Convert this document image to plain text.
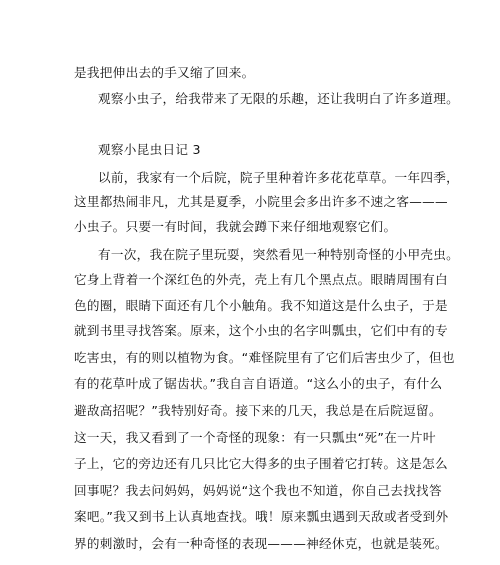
是我把伸出去的手又缩了回来。
观察小虫子，给我带来了无限的乐趣，还让我明白了许多道理。
观察小昆虫日记 3
以前，我家有一个后院，院子里种着许多花花草草。一年四季，
这里都热闹非凡，尤其是夏季，小院里会多出许多不速之客———
小虫子。只要一有时间，我就会蹲下来仔细地观察它们。
有一次，我在院子里玩耍，突然看见一种特别奇怪的小甲壳虫。
它身上背着一个深红色的外壳，壳上有几个黑点点。眼睛周围有白
色的圈，眼睛下面还有几个小触角。我不知道这是什么虫子，于是
就到书里寻找答案。原来，这个小虫的名字叫瓢虫，它们中有的专
吃害虫，有的则以植物为食。“难怪院里有了它们后害虫少了，但也
有的花草叶成了锯齿状。”我自言自语道。“这么小的虫子，有什么
避敌高招呢？”我特别好奇。接下来的几天，我总是在后院逗留。
这一天，我又看到了一个奇怪的现象：有一只瓢虫“死”在一片叶
子上，它的旁边还有几只比它大得多的虫子围着它打转。这是怎么
回事呢？我去问妈妈，妈妈说“这个我也不知道，你自己去找找答
案吧。”我又到书上认真地查找。哦！原来瓢虫遇到天敌或者受到外
界的刺激时，会有一种奇怪的表现———神经休克，也就是装死。
